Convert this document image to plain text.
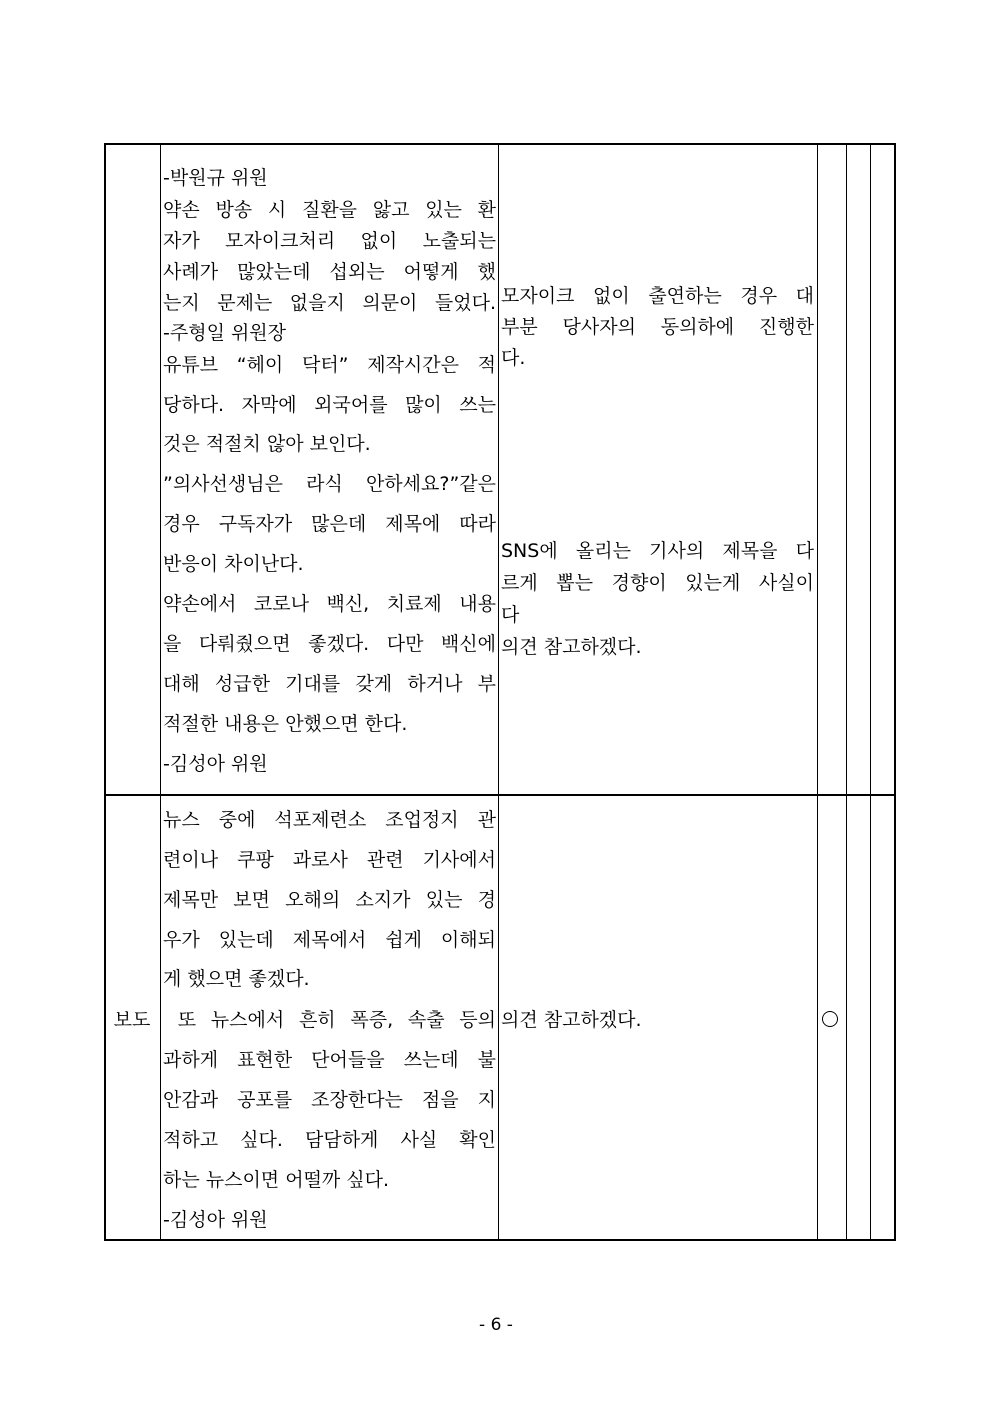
-박원규 위원
약손 방송 시 질환을 앓고 있는 환
자가 모자이크처리 없이 노출되는
사례가 많았는데 섭외는 어떻게 했
는지 문제는 없을지 의문이 들었다.
-주형일 위원장
유튜브 “헤이 닥터” 제작시간은 적
당하다. 자막에 외국어를 많이 쓰는
것은 적절치 않아 보인다.
”의사선생님은 라식 안하세요?”같은
경우 구독자가 많은데 제목에 따라
반응이 차이난다.
약손에서 코로나 백신, 치료제 내용
을 다뤄줬으면 좋겠다. 다만 백신에
대해 성급한 기대를 갖게 하거나 부
적절한 내용은 안했으면 한다.
-김성아 위원
모자이크 없이 출연하는 경우 대
부분 당사자의 동의하에 진행한
다.
SNS에 올리는 기사의 제목을 다
르게 뽑는 경향이 있는게 사실이
다
의견 참고하겠다.
보도
뉴스 중에 석포제련소 조업정지 관
련이나 쿠팡 과로사 관련 기사에서
제목만 보면 오해의 소지가 있는 경
우가 있는데 제목에서 쉽게 이해되
게 했으면 좋겠다.
또 뉴스에서 흔히 폭증, 속출 등의
과하게 표현한 단어들을 쓰는데 불
안감과 공포를 조장한다는 점을 지
적하고 싶다. 담담하게 사실 확인
하는 뉴스이면 어떨까 싶다.
-김성아 위원
의견 참고하겠다.
- 6 -
